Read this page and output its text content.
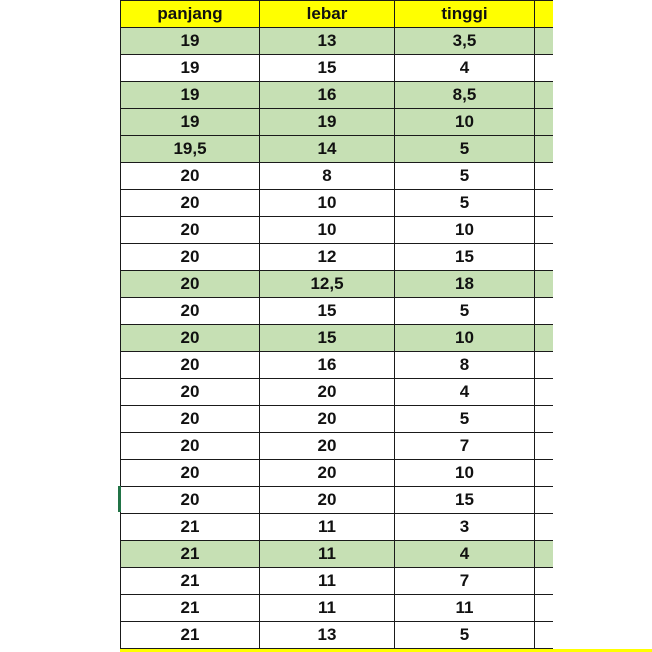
panjang	lebar	tinggi	
19	13	3,5	
19	15	4	
19	16	8,5	
19	19	10	
19,5	14	5	
20	8	5	
20	10	5	
20	10	10	
20	12	15	
20	12,5	18	
20	15	5	
20	15	10	
20	16	8	
20	20	4	
20	20	5	
20	20	7	
20	20	10	
20	20	15	
21	11	3	
21	11	4	
21	11	7	
21	11	11	
21	13	5	
